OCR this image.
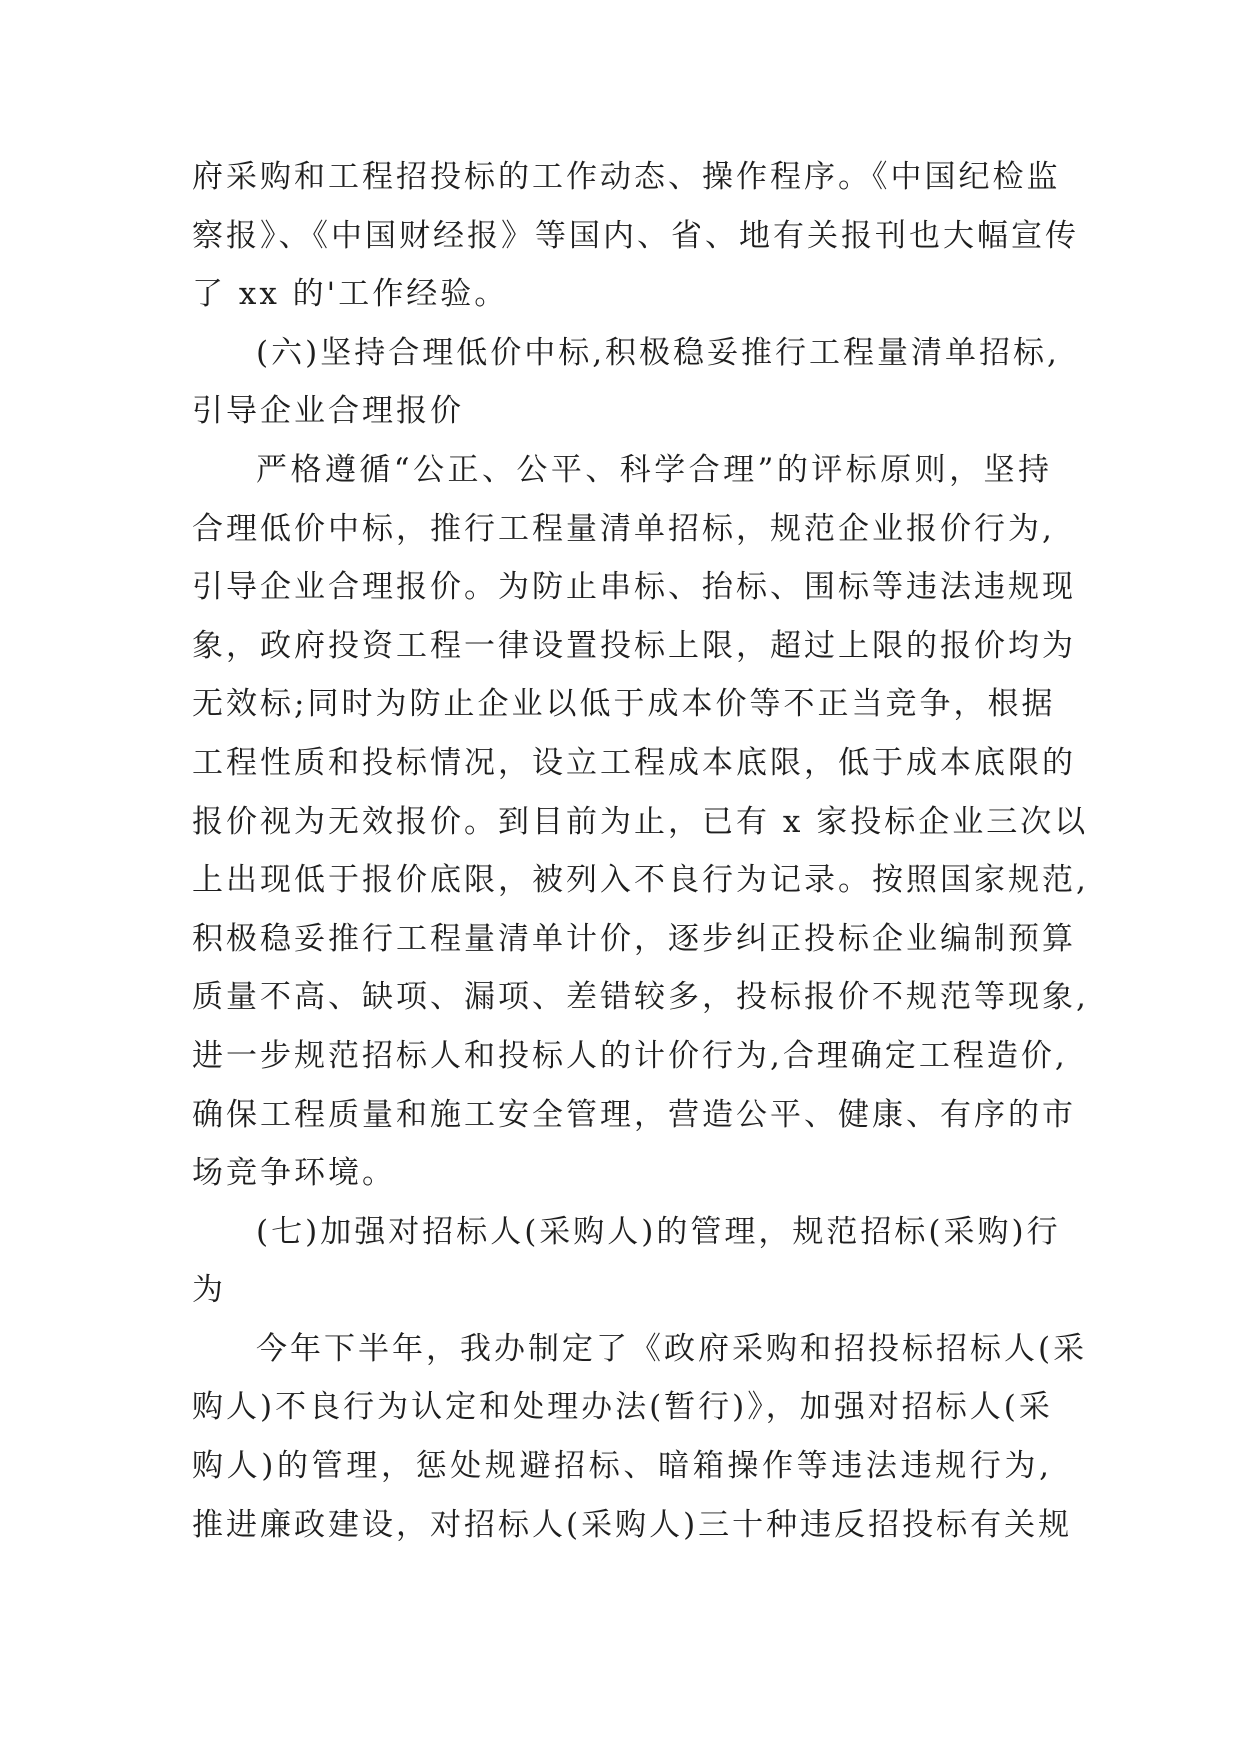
府采购和工程招投标的工作动态、操作程序。《中国纪检监
察报》、《中国财经报》等国内、省、地有关报刊也大幅宣传
了 xx 的'工作经验。
(六)坚持合理低价中标,积极稳妥推行工程量清单招标,
引导企业合理报价
严格遵循“公正、公平、科学合理”的评标原则，坚持
合理低价中标，推行工程量清单招标，规范企业报价行为,
引导企业合理报价。为防止串标、抬标、围标等违法违规现
象，政府投资工程一律设置投标上限，超过上限的报价均为
无效标;同时为防止企业以低于成本价等不正当竞争，根据
工程性质和投标情况，设立工程成本底限，低于成本底限的
报价视为无效报价。到目前为止，已有 x 家投标企业三次以
上出现低于报价底限，被列入不良行为记录。按照国家规范,
积极稳妥推行工程量清单计价，逐步纠正投标企业编制预算
质量不高、缺项、漏项、差错较多，投标报价不规范等现象,
进一步规范招标人和投标人的计价行为,合理确定工程造价,
确保工程质量和施工安全管理，营造公平、健康、有序的市
场竞争环境。
(七)加强对招标人(采购人)的管理，规范招标(采购)行
为
今年下半年，我办制定了《政府采购和招投标招标人(采
购人)不良行为认定和处理办法(暂行)》，加强对招标人(采
购人)的管理，惩处规避招标、暗箱操作等违法违规行为,
推进廉政建设，对招标人(采购人)三十种违反招投标有关规
